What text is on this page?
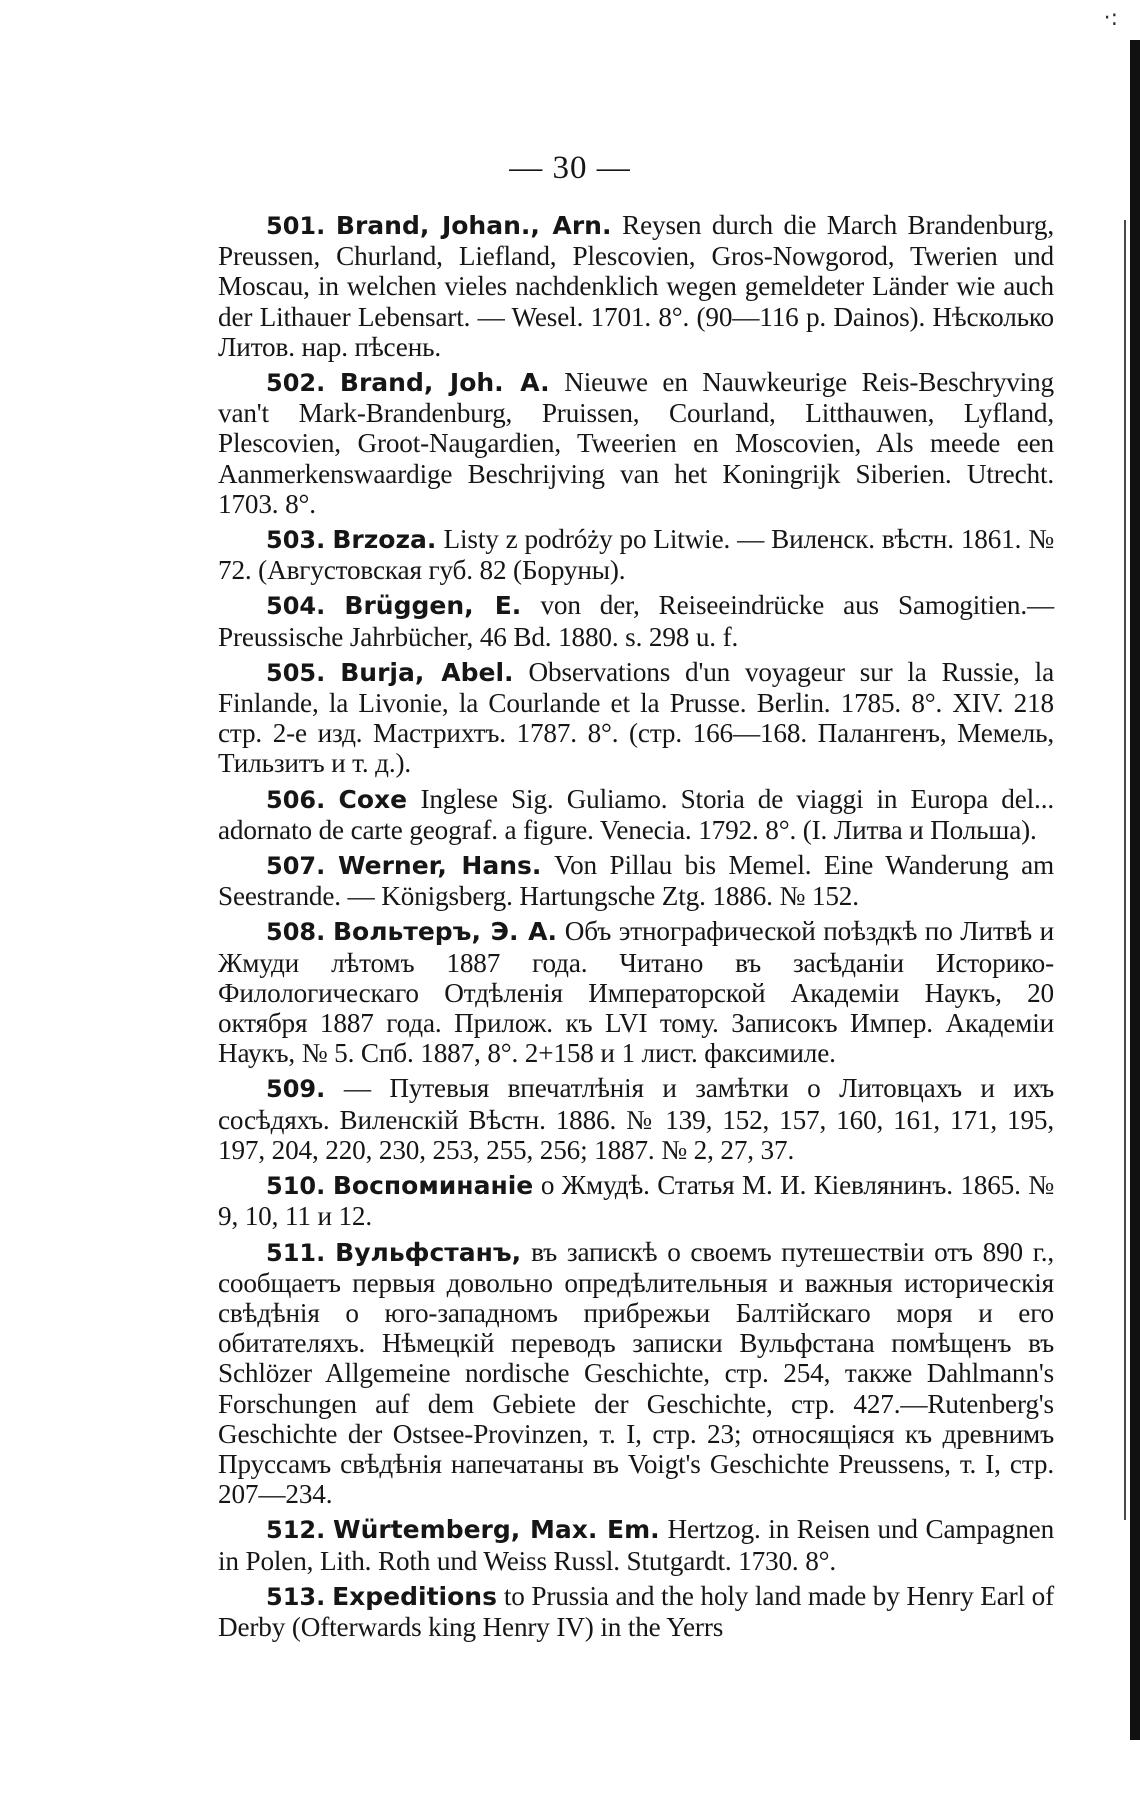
·:
— 30 —

501. Brand, Johan., Arn. Reysen durch die March Brandenburg, Preussen, Churland, Liefland, Plescovien, Gros-Nowgorod, Twerien und Moscau, in welchen vieles nachdenklich wegen gemeldeter Länder wie auch der Lithauer Lebensart. — Wesel. 1701. 8°. (90—116 p. Dainos). Нѣсколько Литов. нар. пѣсень.

502. Brand, Joh. A. Nieuwe en Nauwkeurige Reis-Beschryving van't Mark-Brandenburg, Pruissen, Courland, Litthauwen, Lyfland, Plescovien, Groot-Naugardien, Tweerien en Moscovien, Als meede een Aanmerkenswaardige Beschrijving van het Koningrijk Siberien. Utrecht. 1703. 8°.

503. Brzoza. Listy z podróży po Litwie. — Виленск. вѣстн. 1861. № 72. (Августовская губ. 82 (Боруны).

504. Brüggen, E. von der, Reiseeindrücke aus Samogitien.— Preussische Jahrbücher, 46 Bd. 1880. s. 298 u. f.

505. Burja, Abel. Observations d'un voyageur sur la Russie, la Finlande, la Livonie, la Courlande et la Prusse. Berlin. 1785. 8°. XIV. 218 стр. 2-е изд. Мастрихтъ. 1787. 8°. (стр. 166—168. Палангенъ, Мемель, Тильзитъ и т. д.).

506. Coxe Inglese Sig. Guliamo. Storia de viaggi in Europa del... adornato de carte geograf. a figure. Venecia. 1792. 8°. (I. Литва и Польша).

507. Werner, Hans. Von Pillau bis Memel. Eine Wanderung am Seestrande. — Königsberg. Hartungsche Ztg. 1886. № 152.

508. Вольтеръ, Э. А. Объ этнографической поѣздкѣ по Литвѣ и Жмуди лѣтомъ 1887 года. Читано въ засѣданіи Историко-Филологическаго Отдѣленія Императорской Академіи Наукъ, 20 октября 1887 года. Прилож. къ LVI тому. Записокъ Импер. Академіи Наукъ, № 5. Спб. 1887, 8°. 2+158 и 1 лист. факсимиле.

509. — Путевыя впечатлѣнія и замѣтки о Литовцахъ и ихъ сосѣдяхъ. Виленскій Вѣстн. 1886. № 139, 152, 157, 160, 161, 171, 195, 197, 204, 220, 230, 253, 255, 256; 1887. № 2, 27, 37.

510. Воспоминаніе о Жмудѣ. Статья М. И. Кіевлянинъ. 1865. № 9, 10, 11 и 12.

511. Вульфстанъ, въ запискѣ о своемъ путешествіи отъ 890 г., сообщаетъ первыя довольно опредѣлительныя и важныя историческія свѣдѣнія о юго-западномъ прибрежьи Балтійскаго моря и его обитателяхъ. Нѣмецкій переводъ записки Вульфстана помѣщенъ въ Schlözer Allgemeine nordische Geschichte, стр. 254, также Dahlmann's Forschungen auf dem Gebiete der Geschichte, стр. 427.—Rutenberg's Geschichte der Ostsee-Provinzen, т. I, стр. 23; относящіяся къ древнимъ Пруссамъ свѣдѣнія напечатаны въ Voigt's Geschichte Preussens, т. I, стр. 207—234.

512. Würtemberg, Max. Em. Hertzog. in Reisen und Campagnen in Polen, Lith. Roth und Weiss Russl. Stutgardt. 1730. 8°.

513. Expeditions to Prussia and the holy land made by Henry Earl of Derby (Ofterwards king Henry IV) in the Yerrs
